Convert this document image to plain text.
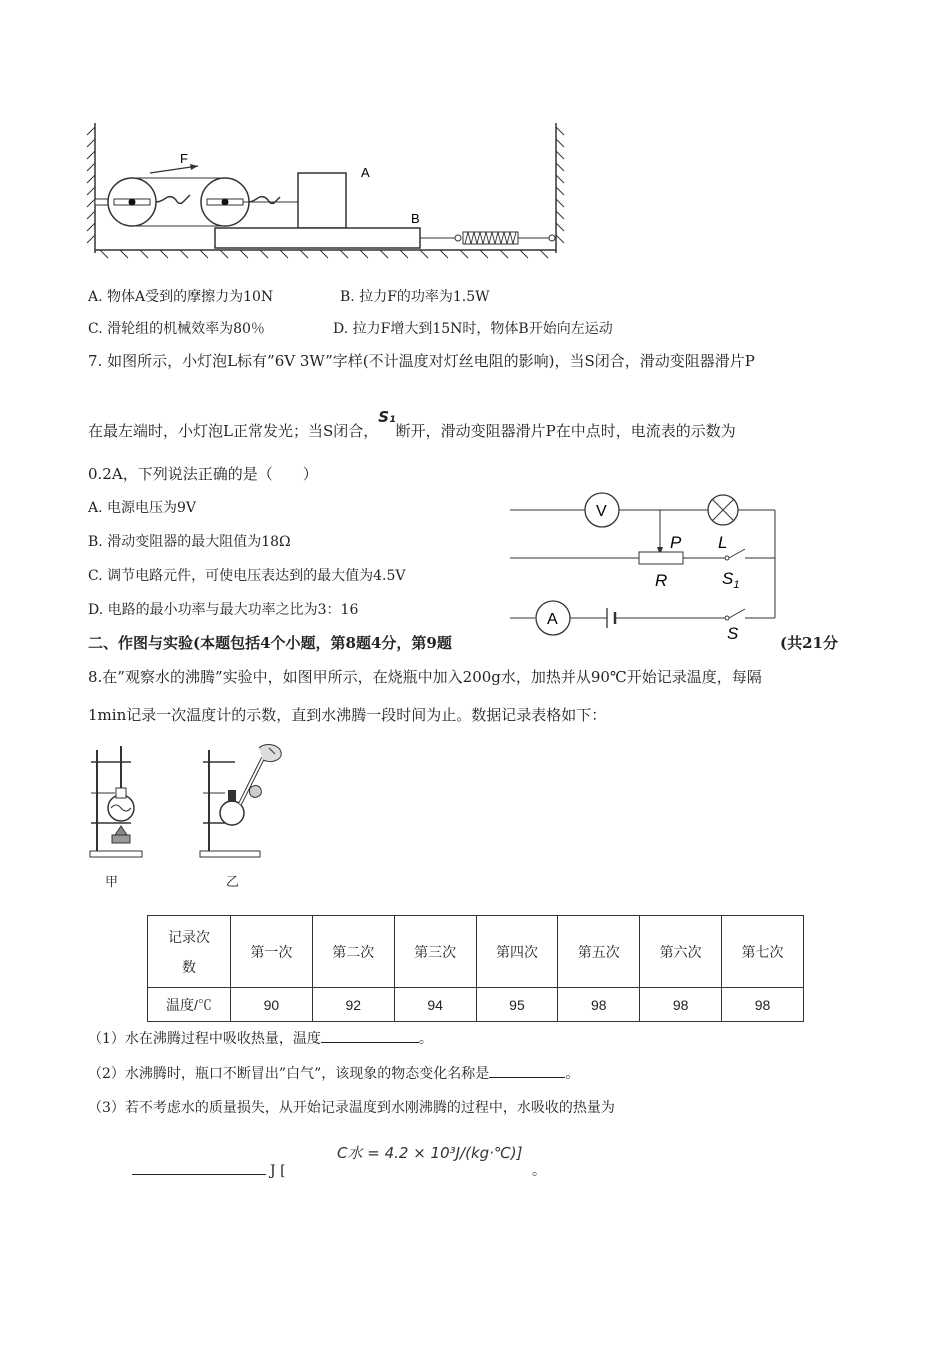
F
A
B
A. 物体A受到的摩擦力为10N	B. 拉力F的功率为1.5W
C. 滑轮组的机械效率为80％	D. 拉力F增大到15N时，物体B开始向左运动
7. 如图所示，小灯泡L标有”6V 3W”字样(不计温度对灯丝电阻的影响)，当S闭合，滑动变阻器滑片P
在最左端时，小灯泡L正常发光；当S闭合，S₁断开，滑动变阻器滑片P在中点时，电流表的示数为
0.2A，下列说法正确的是（　　）
A. 电源电压为9V
B. 滑动变阻器的最大阻值为18Ω
C. 调节电路元件，可使电压表达到的最大值为4.5V
D. 电路的最小功率与最大功率之比为3：16
V
A
P L
R	$S_1$
S
二、作图与实验(本题包括4个小题，第8题4分，第9题	共21分)
8.在”观察水的沸腾”实验中，如图甲所示，在烧瓶中加入200g水，加热并从90℃开始记录温度，每隔
1min记录一次温度计的示数，直到水沸腾一段时间为止。数据记录表格如下：
甲	乙
记录次
数	第一次	第二次	第三次	第四次	第五次	第六次	第七次
温度/℃	90	92	94	95	98	98	98
（1）水在沸腾过程中吸收热量，温度	。
（2）水沸腾时，瓶口不断冒出”白气”，该现象的物态变化名称是	。
（3）若不考虑水的质量损失，从开始记录温度到水刚沸腾的过程中，水吸收的热量为
J [
C水 = 4.2 × 10³J/(kg·℃)]
。
